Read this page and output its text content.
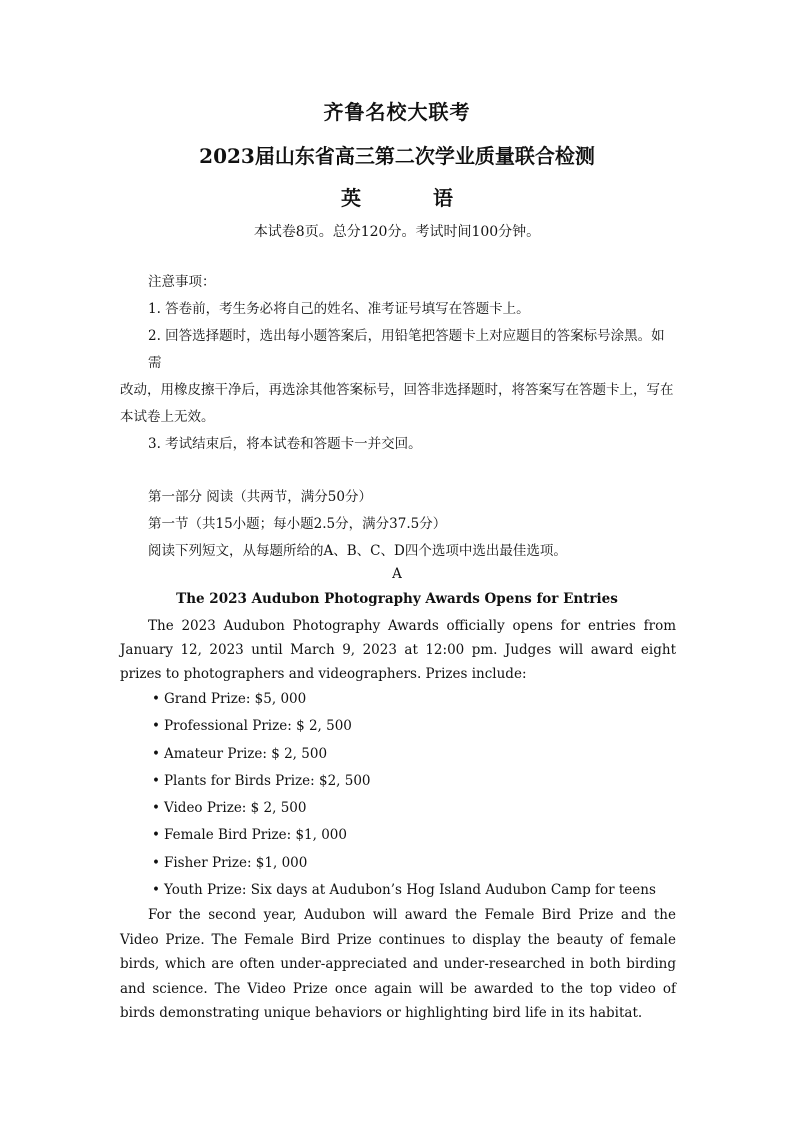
齐鲁名校大联考
2023届山东省高三第二次学业质量联合检测
英　语
本试卷8页。总分120分。考试时间100分钟。

注意事项：

1. 答卷前，考生务必将自己的姓名、准考证号填写在答题卡上。

2. 回答选择题时，选出每小题答案后，用铅笔把答题卡上对应题目的答案标号涂黑。如需

改动，用橡皮擦干净后，再选涂其他答案标号，回答非选择题时，将答案写在答题卡上，写在本试卷上无效。

3. 考试结束后，将本试卷和答题卡一并交回。

第一部分 阅读（共两节，满分50分）

第一节（共15小题；每小题2.5分，满分37.5分）

阅读下列短文，从每题所给的A、B、C、D四个选项中选出最佳选项。

A
The 2023 Audubon Photography Awards Opens for Entries

The 2023 Audubon Photography Awards officially opens for entries from January 12, 2023 until March 9, 2023 at 12:00 pm. Judges will award eight prizes to photographers and videographers. Prizes include:

• Grand Prize: $5, 000
• Professional Prize: $ 2, 500
• Amateur Prize: $ 2, 500
• Plants for Birds Prize: $2, 500
• Video Prize: $ 2, 500
• Female Bird Prize: $1, 000
• Fisher Prize: $1, 000
• Youth Prize: Six days at Audubon’s Hog Island Audubon Camp for teens

For the second year, Audubon will award the Female Bird Prize and the Video Prize. The Female Bird Prize continues to display the beauty of female birds, which are often under-appreciated and under-researched in both birding and science. The Video Prize once again will be awarded to the top video of birds demonstrating unique behaviors or highlighting bird life in its habitat.
